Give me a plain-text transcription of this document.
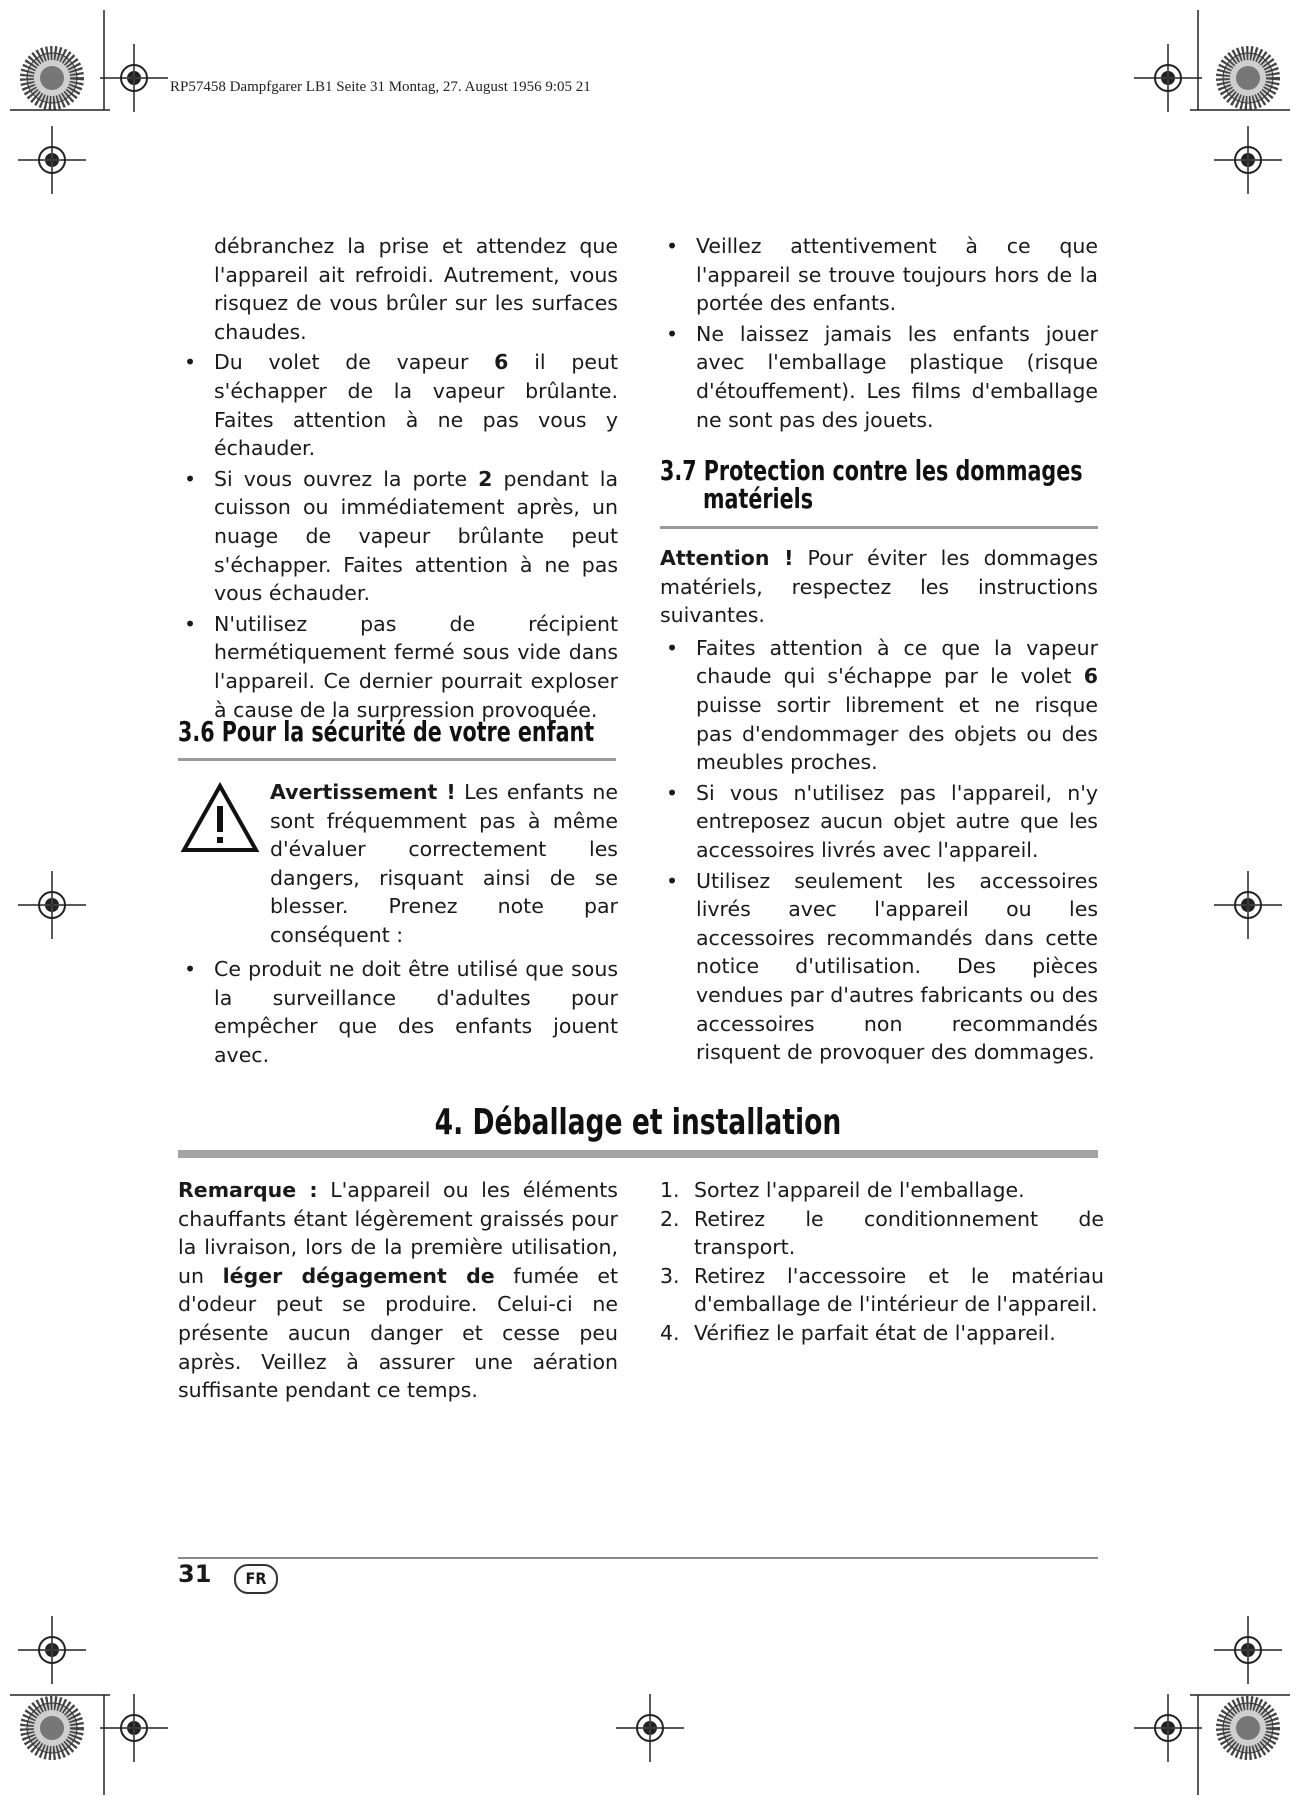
RP57458 Dampfgarer LB1 Seite 31 Montag, 27. August 1956 9:05 21

débranchez la prise et attendez que l'appareil ait refroidi. Autrement, vous risquez de vous brûler sur les surfaces chaudes.

• Du volet de vapeur 6 il peut s'échapper de la vapeur brûlante. Faites attention à ne pas vous y échauder.

• Si vous ouvrez la porte 2 pendant la cuisson ou immédiatement après, un nuage de vapeur brûlante peut s'échapper. Faites attention à ne pas vous échauder.

• N'utilisez pas de récipient hermétiquement fermé sous vide dans l'appareil. Ce dernier pourrait exploser à cause de la surpression provoquée.

3.6 Pour la sécurité de votre enfant

Avertissement ! Les enfants ne sont fréquemment pas à même d'évaluer correctement les dangers, risquant ainsi de se blesser. Prenez note par conséquent :

• Ce produit ne doit être utilisé que sous la surveillance d'adultes pour empêcher que des enfants jouent avec.

• Veillez attentivement à ce que l'appareil se trouve toujours hors de la portée des enfants.

• Ne laissez jamais les enfants jouer avec l'emballage plastique (risque d'étouffement). Les films d'emballage ne sont pas des jouets.

3.7 Protection contre les dommages
matériels

Attention ! Pour éviter les dommages matériels, respectez les instructions suivantes.

• Faites attention à ce que la vapeur chaude qui s'échappe par le volet 6 puisse sortir librement et ne risque pas d'endommager des objets ou des meubles proches.

• Si vous n'utilisez pas l'appareil, n'y entreposez aucun objet autre que les accessoires livrés avec l'appareil.

• Utilisez seulement les accessoires livrés avec l'appareil ou les accessoires recommandés dans cette notice d'utilisation. Des pièces vendues par d'autres fabricants ou des accessoires non recommandés risquent de provoquer des dommages.

4. Déballage et installation

Remarque : L'appareil ou les éléments chauffants étant légèrement graissés pour la livraison, lors de la première utilisation, un léger dégagement de fumée et d'odeur peut se produire. Celui-ci ne présente aucun danger et cesse peu après. Veillez à assurer une aération suffisante pendant ce temps.

1. Sortez l'appareil de l'emballage.

2. Retirez le conditionnement de transport.

3. Retirez l'accessoire et le matériau d'emballage de l'intérieur de l'appareil.

4. Vérifiez le parfait état de l'appareil.

31	FR
